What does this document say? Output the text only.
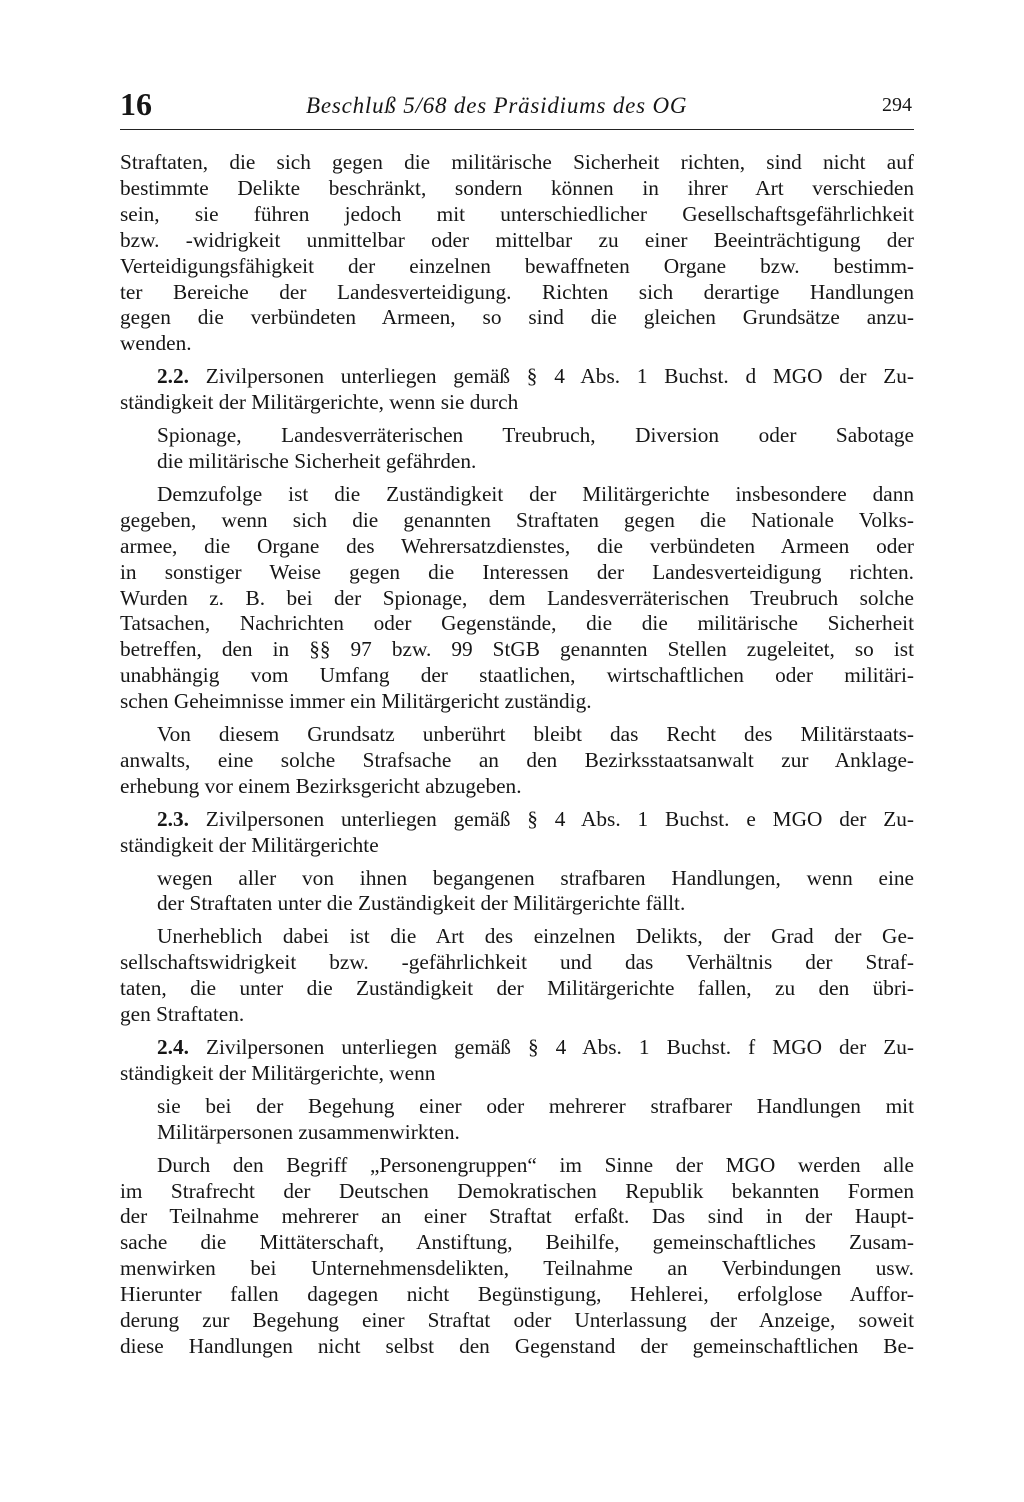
16	Beschluß 5/68 des Präsidiums des OG	294

Straftaten, die sich gegen die militärische Sicherheit richten, sind nicht auf

bestimmte Delikte beschränkt, sondern können in ihrer Art verschieden

sein, sie führen jedoch mit unterschiedlicher Gesellschaftsgefährlichkeit

bzw. -widrigkeit unmittelbar oder mittelbar zu einer Beeinträchtigung der

Verteidigungsfähigkeit der einzelnen bewaffneten Organe bzw. bestimm-

ter Bereiche der Landesverteidigung. Richten sich derartige Handlungen

gegen die verbündeten Armeen, so sind die gleichen Grundsätze anzu-

wenden.

2.2. Zivilpersonen unterliegen gemäß § 4 Abs. 1 Buchst. d MGO der Zu-

ständigkeit der Militärgerichte, wenn sie durch

Spionage, Landesverräterischen Treubruch, Diversion oder Sabotage

die militärische Sicherheit gefährden.

Demzufolge ist die Zuständigkeit der Militärgerichte insbesondere dann

gegeben, wenn sich die genannten Straftaten gegen die Nationale Volks-

armee, die Organe des Wehrersatzdienstes, die verbündeten Armeen oder

in sonstiger Weise gegen die Interessen der Landesverteidigung richten.

Wurden z. B. bei der Spionage, dem Landesverräterischen Treubruch solche

Tatsachen, Nachrichten oder Gegenstände, die die militärische Sicherheit

betreffen, den in §§ 97 bzw. 99 StGB genannten Stellen zugeleitet, so ist

unabhängig vom Umfang der staatlichen, wirtschaftlichen oder militäri-

schen Geheimnisse immer ein Militärgericht zuständig.

Von diesem Grundsatz unberührt bleibt das Recht des Militärstaats-

anwalts, eine solche Strafsache an den Bezirksstaatsanwalt zur Anklage-

erhebung vor einem Bezirksgericht abzugeben.

2.3. Zivilpersonen unterliegen gemäß § 4 Abs. 1 Buchst. e MGO der Zu-

ständigkeit der Militärgerichte

wegen aller von ihnen begangenen strafbaren Handlungen, wenn eine

der Straftaten unter die Zuständigkeit der Militärgerichte fällt.

Unerheblich dabei ist die Art des einzelnen Delikts, der Grad der Ge-

sellschaftswidrigkeit bzw. -gefährlichkeit und das Verhältnis der Straf-

taten, die unter die Zuständigkeit der Militärgerichte fallen, zu den übri-

gen Straftaten.

2.4. Zivilpersonen unterliegen gemäß § 4 Abs. 1 Buchst. f MGO der Zu-

ständigkeit der Militärgerichte, wenn

sie bei der Begehung einer oder mehrerer strafbarer Handlungen mit

Militärpersonen zusammenwirkten.

Durch den Begriff „Personengruppen“ im Sinne der MGO werden alle

im Strafrecht der Deutschen Demokratischen Republik bekannten Formen

der Teilnahme mehrerer an einer Straftat erfaßt. Das sind in der Haupt-

sache die Mittäterschaft, Anstiftung, Beihilfe, gemeinschaftliches Zusam-

menwirken bei Unternehmensdelikten, Teilnahme an Verbindungen usw.

Hierunter fallen dagegen nicht Begünstigung, Hehlerei, erfolglose Auffor-

derung zur Begehung einer Straftat oder Unterlassung der Anzeige, soweit

diese Handlungen nicht selbst den Gegenstand der gemeinschaftlichen Be-
